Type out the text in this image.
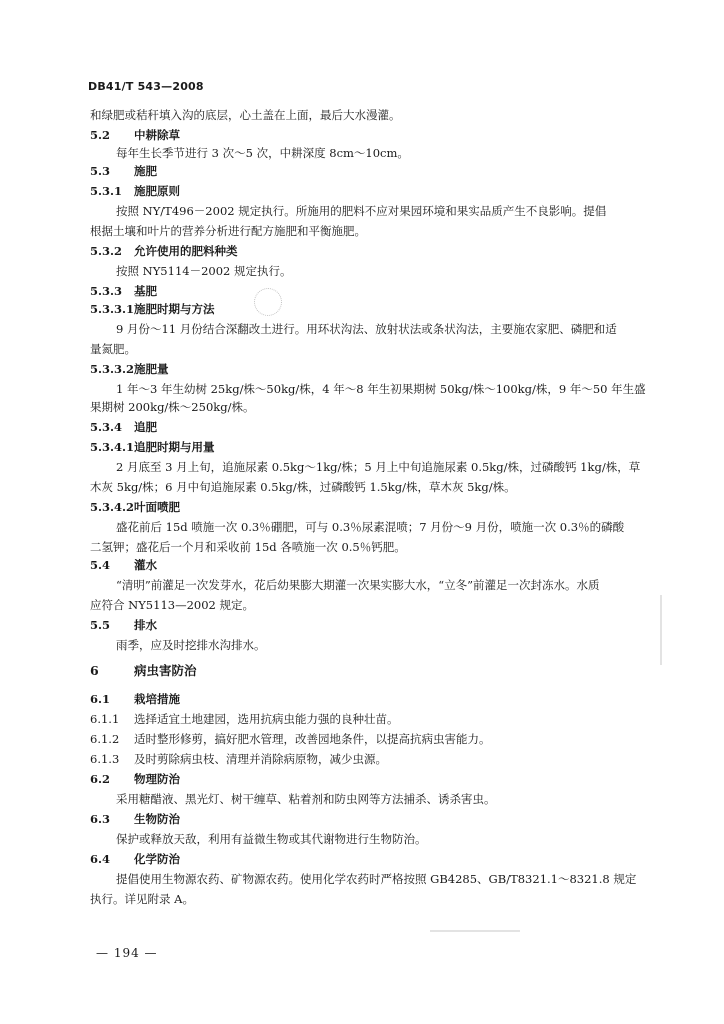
DB41/T 543—2008
和绿肥或秸秆填入沟的底层，心土盖在上面，最后大水漫灌。
5.2 中耕除草
每年生长季节进行 3 次～5 次，中耕深度 8cm～10cm。
5.3 施肥
5.3.1 施肥原则
按照 NY/T496－2002 规定执行。所施用的肥料不应对果园环境和果实品质产生不良影响。提倡
根据土壤和叶片的营养分析进行配方施肥和平衡施肥。
5.3.2 允许使用的肥料种类
按照 NY5114－2002 规定执行。
5.3.3 基肥
5.3.3.1施肥时期与方法
9 月份～11 月份结合深翻改土进行。用环状沟法、放射状法或条状沟法，主要施农家肥、磷肥和适
量氮肥。
5.3.3.2施肥量
1 年～3 年生幼树 25kg/株～50kg/株，4 年～8 年生初果期树 50kg/株～100kg/株，9 年～50 年生盛
果期树 200kg/株～250kg/株。
5.3.4 追肥
5.3.4.1追肥时期与用量
2 月底至 3 月上旬，追施尿素 0.5kg～1kg/株；5 月上中旬追施尿素 0.5kg/株，过磷酸钙 1kg/株，草
木灰 5kg/株；6 月中旬追施尿素 0.5kg/株，过磷酸钙 1.5kg/株，草木灰 5kg/株。
5.3.4.2叶面喷肥
盛花前后 15d 喷施一次 0.3％硼肥，可与 0.3％尿素混喷；7 月份～9 月份，喷施一次 0.3％的磷酸
二氢钾；盛花后一个月和采收前 15d 各喷施一次 0.5％钙肥。
5.4 灌水
“清明”前灌足一次发芽水，花后幼果膨大期灌一次果实膨大水，“立冬”前灌足一次封冻水。水质
应符合 NY5113—2002 规定。
5.5 排水
雨季，应及时挖排水沟排水。
6	病虫害防治
6.1 栽培措施
6.1.1 选择适宜土地建园，选用抗病虫能力强的良种壮苗。
6.1.2 适时整形修剪，搞好肥水管理，改善园地条件，以提高抗病虫害能力。
6.1.3 及时剪除病虫枝、清理并消除病原物，减少虫源。
6.2 物理防治
采用糖醋液、黑光灯、树干缠草、粘着剂和防虫网等方法捕杀、诱杀害虫。
6.3 生物防治
保护或释放天敌，利用有益微生物或其代谢物进行生物防治。
6.4 化学防治
提倡使用生物源农药、矿物源农药。使用化学农药时严格按照 GB4285、GB/T8321.1～8321.8 规定
执行。详见附录 A。
— 194 —
